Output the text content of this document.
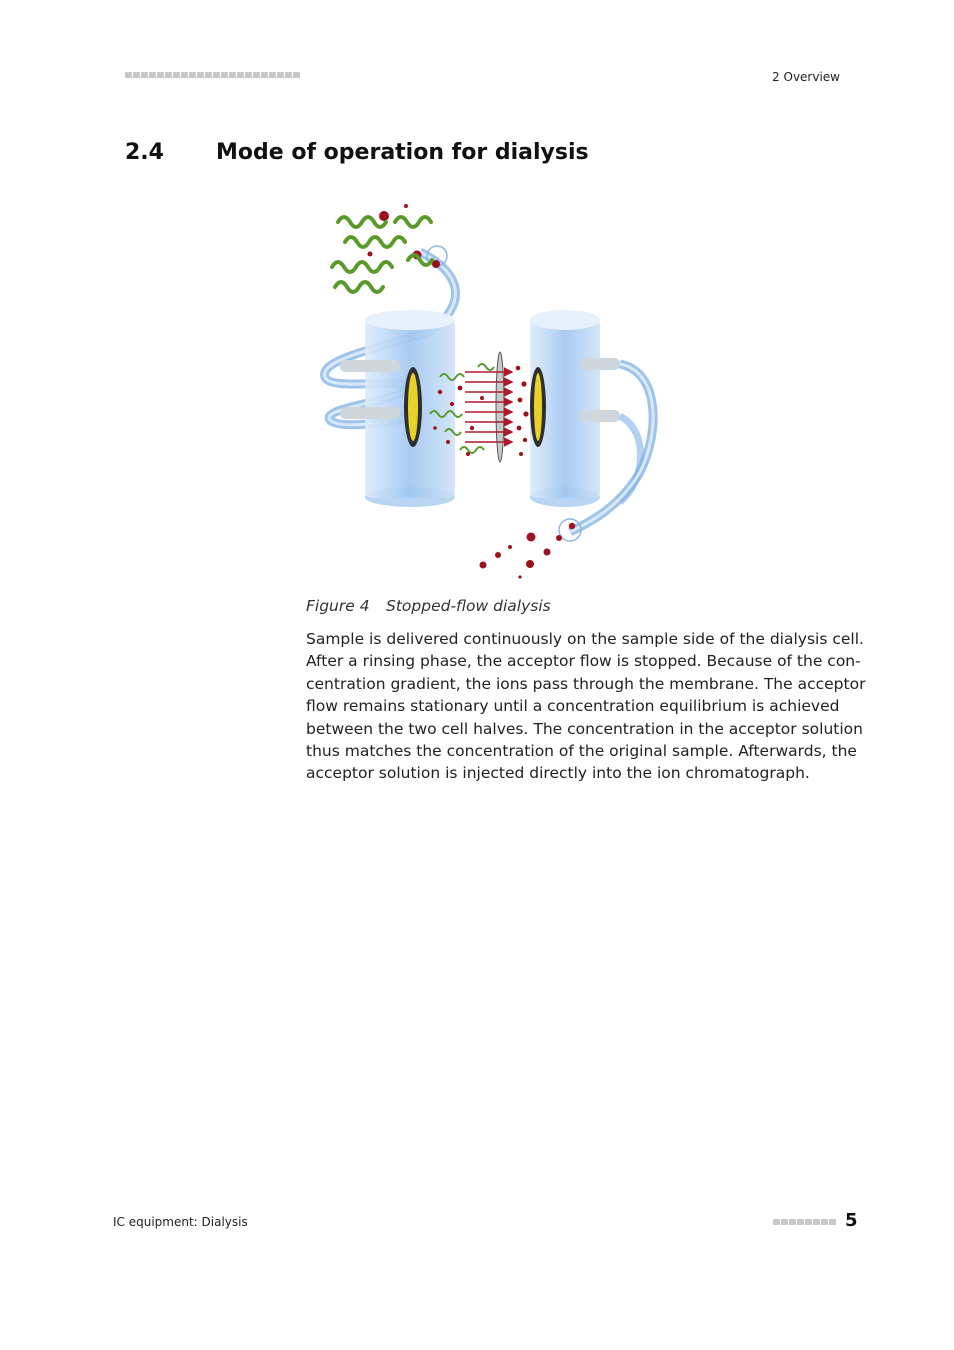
2 Overview
2.4 Mode of operation for dialysis
Figure 4 Stopped-flow dialysis
Sample is delivered continuously on the sample side of the dialysis cell.
After a rinsing phase, the acceptor flow is stopped. Because of the con-
centration gradient, the ions pass through the membrane. The acceptor
flow remains stationary until a concentration equilibrium is achieved
between the two cell halves. The concentration in the acceptor solution
thus matches the concentration of the original sample. Afterwards, the
acceptor solution is injected directly into the ion chromatograph.
IC equipment: Dialysis	5
